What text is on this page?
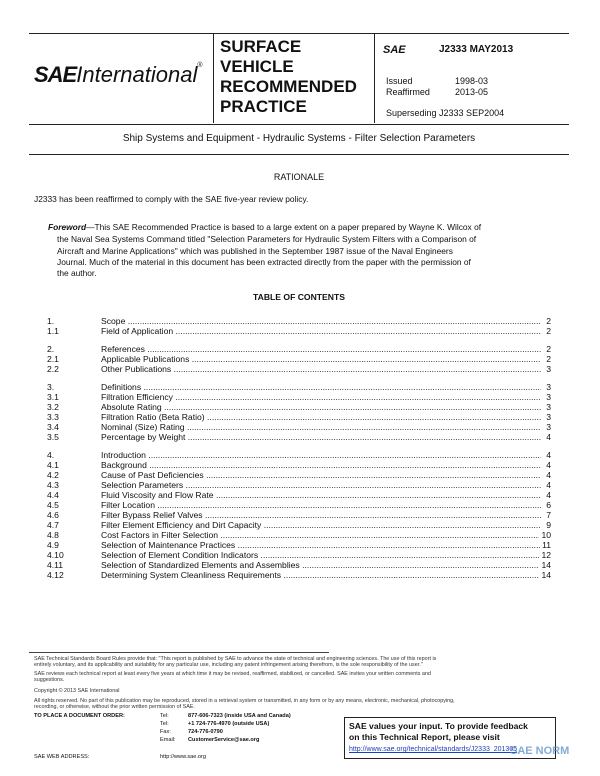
SAEInternational®
SURFACE
VEHICLE
RECOMMENDED
PRACTICE
SAE	J2333 MAY2013
Issued	1998-03
Reaffirmed	2013-05
Superseding J2333 SEP2004
Ship Systems and Equipment - Hydraulic Systems - Filter Selection Parameters
RATIONALE
J2333 has been reaffirmed to comply with the SAE five-year review policy.
Foreword—This SAE Recommended Practice is based to a large extent on a paper prepared by Wayne K. Wilcox of
the Naval Sea Systems Command titled "Selection Parameters for Hydraulic System Filters with a Comparison of
Aircraft and Marine Applications" which was published in the September 1987 issue of the Naval Engineers
Journal. Much of the material in this document has been extracted directly from the paper with the permission of
the author.
TABLE OF CONTENTS
1.	Scope .....	2
1.1	Field of Application .....	2
2.	References .....	2
2.1	Applicable Publications .....	2
2.2	Other Publications .....	3
3.	Definitions .....	3
3.1	Filtration Efficiency .....	3
3.2	Absolute Rating .....	3
3.3	Filtration Ratio (Beta Ratio) .....	3
3.4	Nominal (Size) Rating .....	3
3.5	Percentage by Weight .....	4
4.	Introduction .....	4
4.1	Background .....	4
4.2	Cause of Past Deficiencies .....	4
4.3	Selection Parameters .....	4
4.4	Fluid Viscosity and Flow Rate .....	4
4.5	Filter Location .....	6
4.6	Filter Bypass Relief Valves .....	7
4.7	Filter Element Efficiency and Dirt Capacity .....	9
4.8	Cost Factors in Filter Selection .....	10
4.9	Selection of Maintenance Practices .....	11
4.10	Selection of Element Condition Indicators .....	12
4.11	Selection of Standardized Elements and Assemblies .....	14
4.12	Determining System Cleanliness Requirements .....	14
SAE Technical Standards Board Rules provide that: "This report is published by SAE to advance the state of technical and engineering sciences. The use of this report is
entirely voluntary, and its applicability and suitability for any particular use, including any patent infringement arising therefrom, is the sole responsibility of the user."
SAE reviews each technical report at least every five years at which time it may be revised, reaffirmed, stabilized, or cancelled. SAE invites your written comments and
suggestions.
Copyright © 2013 SAE International
All rights reserved. No part of this publication may be reproduced, stored in a retrieval system or transmitted, in any form or by any means, electronic, mechanical, photocopying,
recording, or otherwise, without the prior written permission of SAE.
TO PLACE A DOCUMENT ORDER:	Tel:	877-606-7323 (inside USA and Canada)
Tel:	+1 724-776-4970 (outside USA)
Fax:	724-776-0790
Email: CustomerService@sae.org
SAE WEB ADDRESS:	http://www.sae.org
SAE values your input. To provide feedback
on this Technical Report, please visit
http://www.sae.org/technical/standards/J2333_201305
SAE NORM
